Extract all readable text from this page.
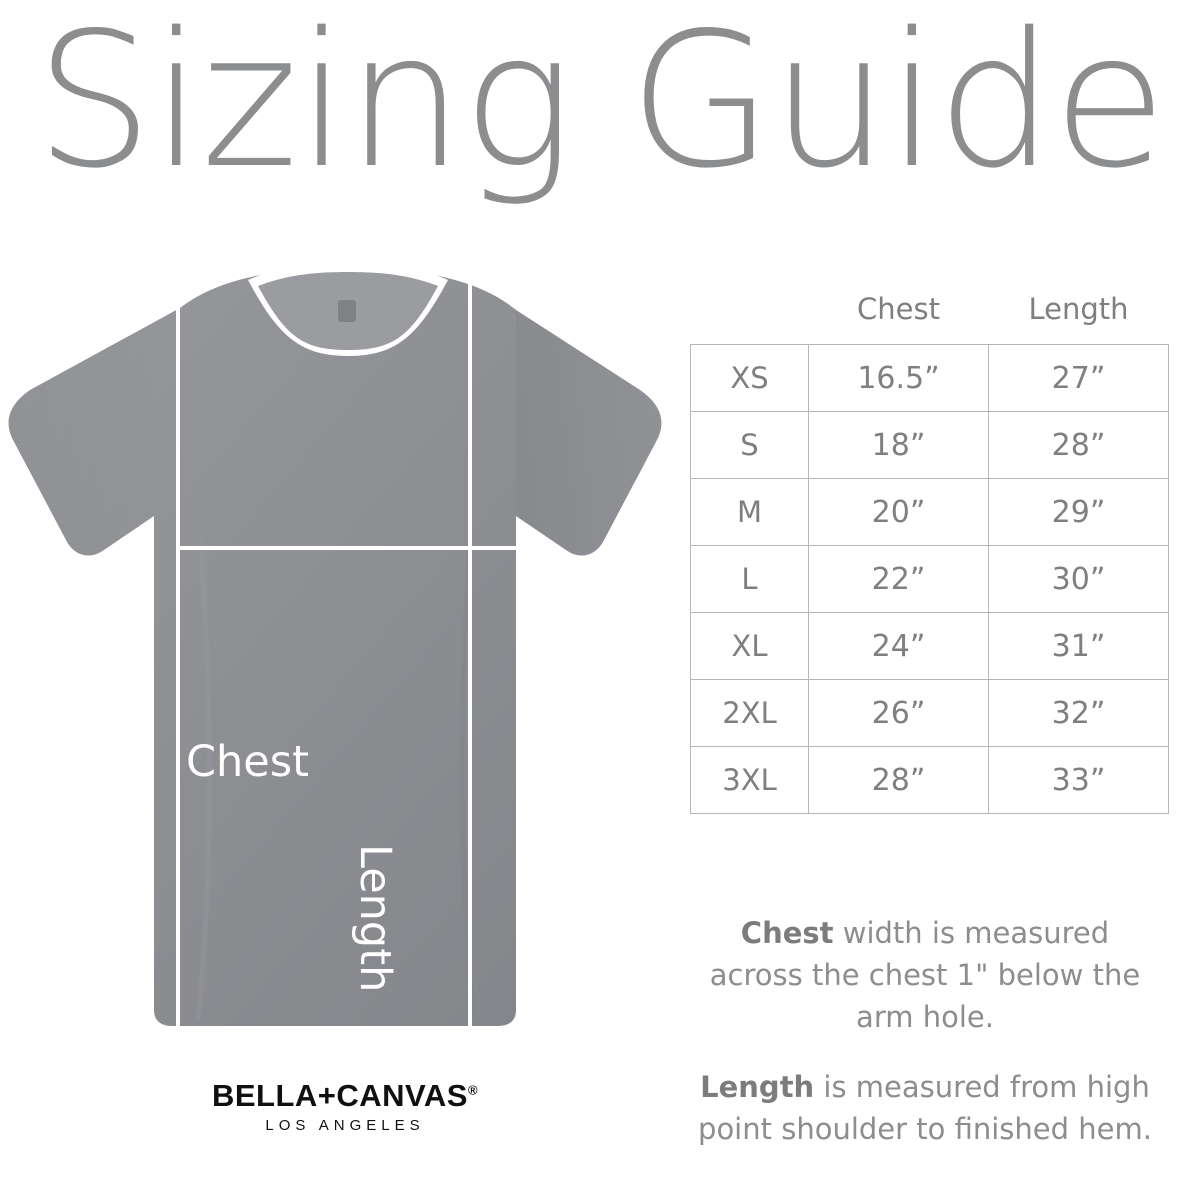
Sizing Guide
Chest
Length
BELLA+CANVAS®
LOS ANGELES
	Chest	Length
XS	16.5”	27”
S	18”	28”
M	20”	29”
L	22”	30”
XL	24”	31”
2XL	26”	32”
3XL	28”	33”

Chest width is measured across the chest 1" below the arm hole.

Length is measured from high point shoulder to finished hem.
